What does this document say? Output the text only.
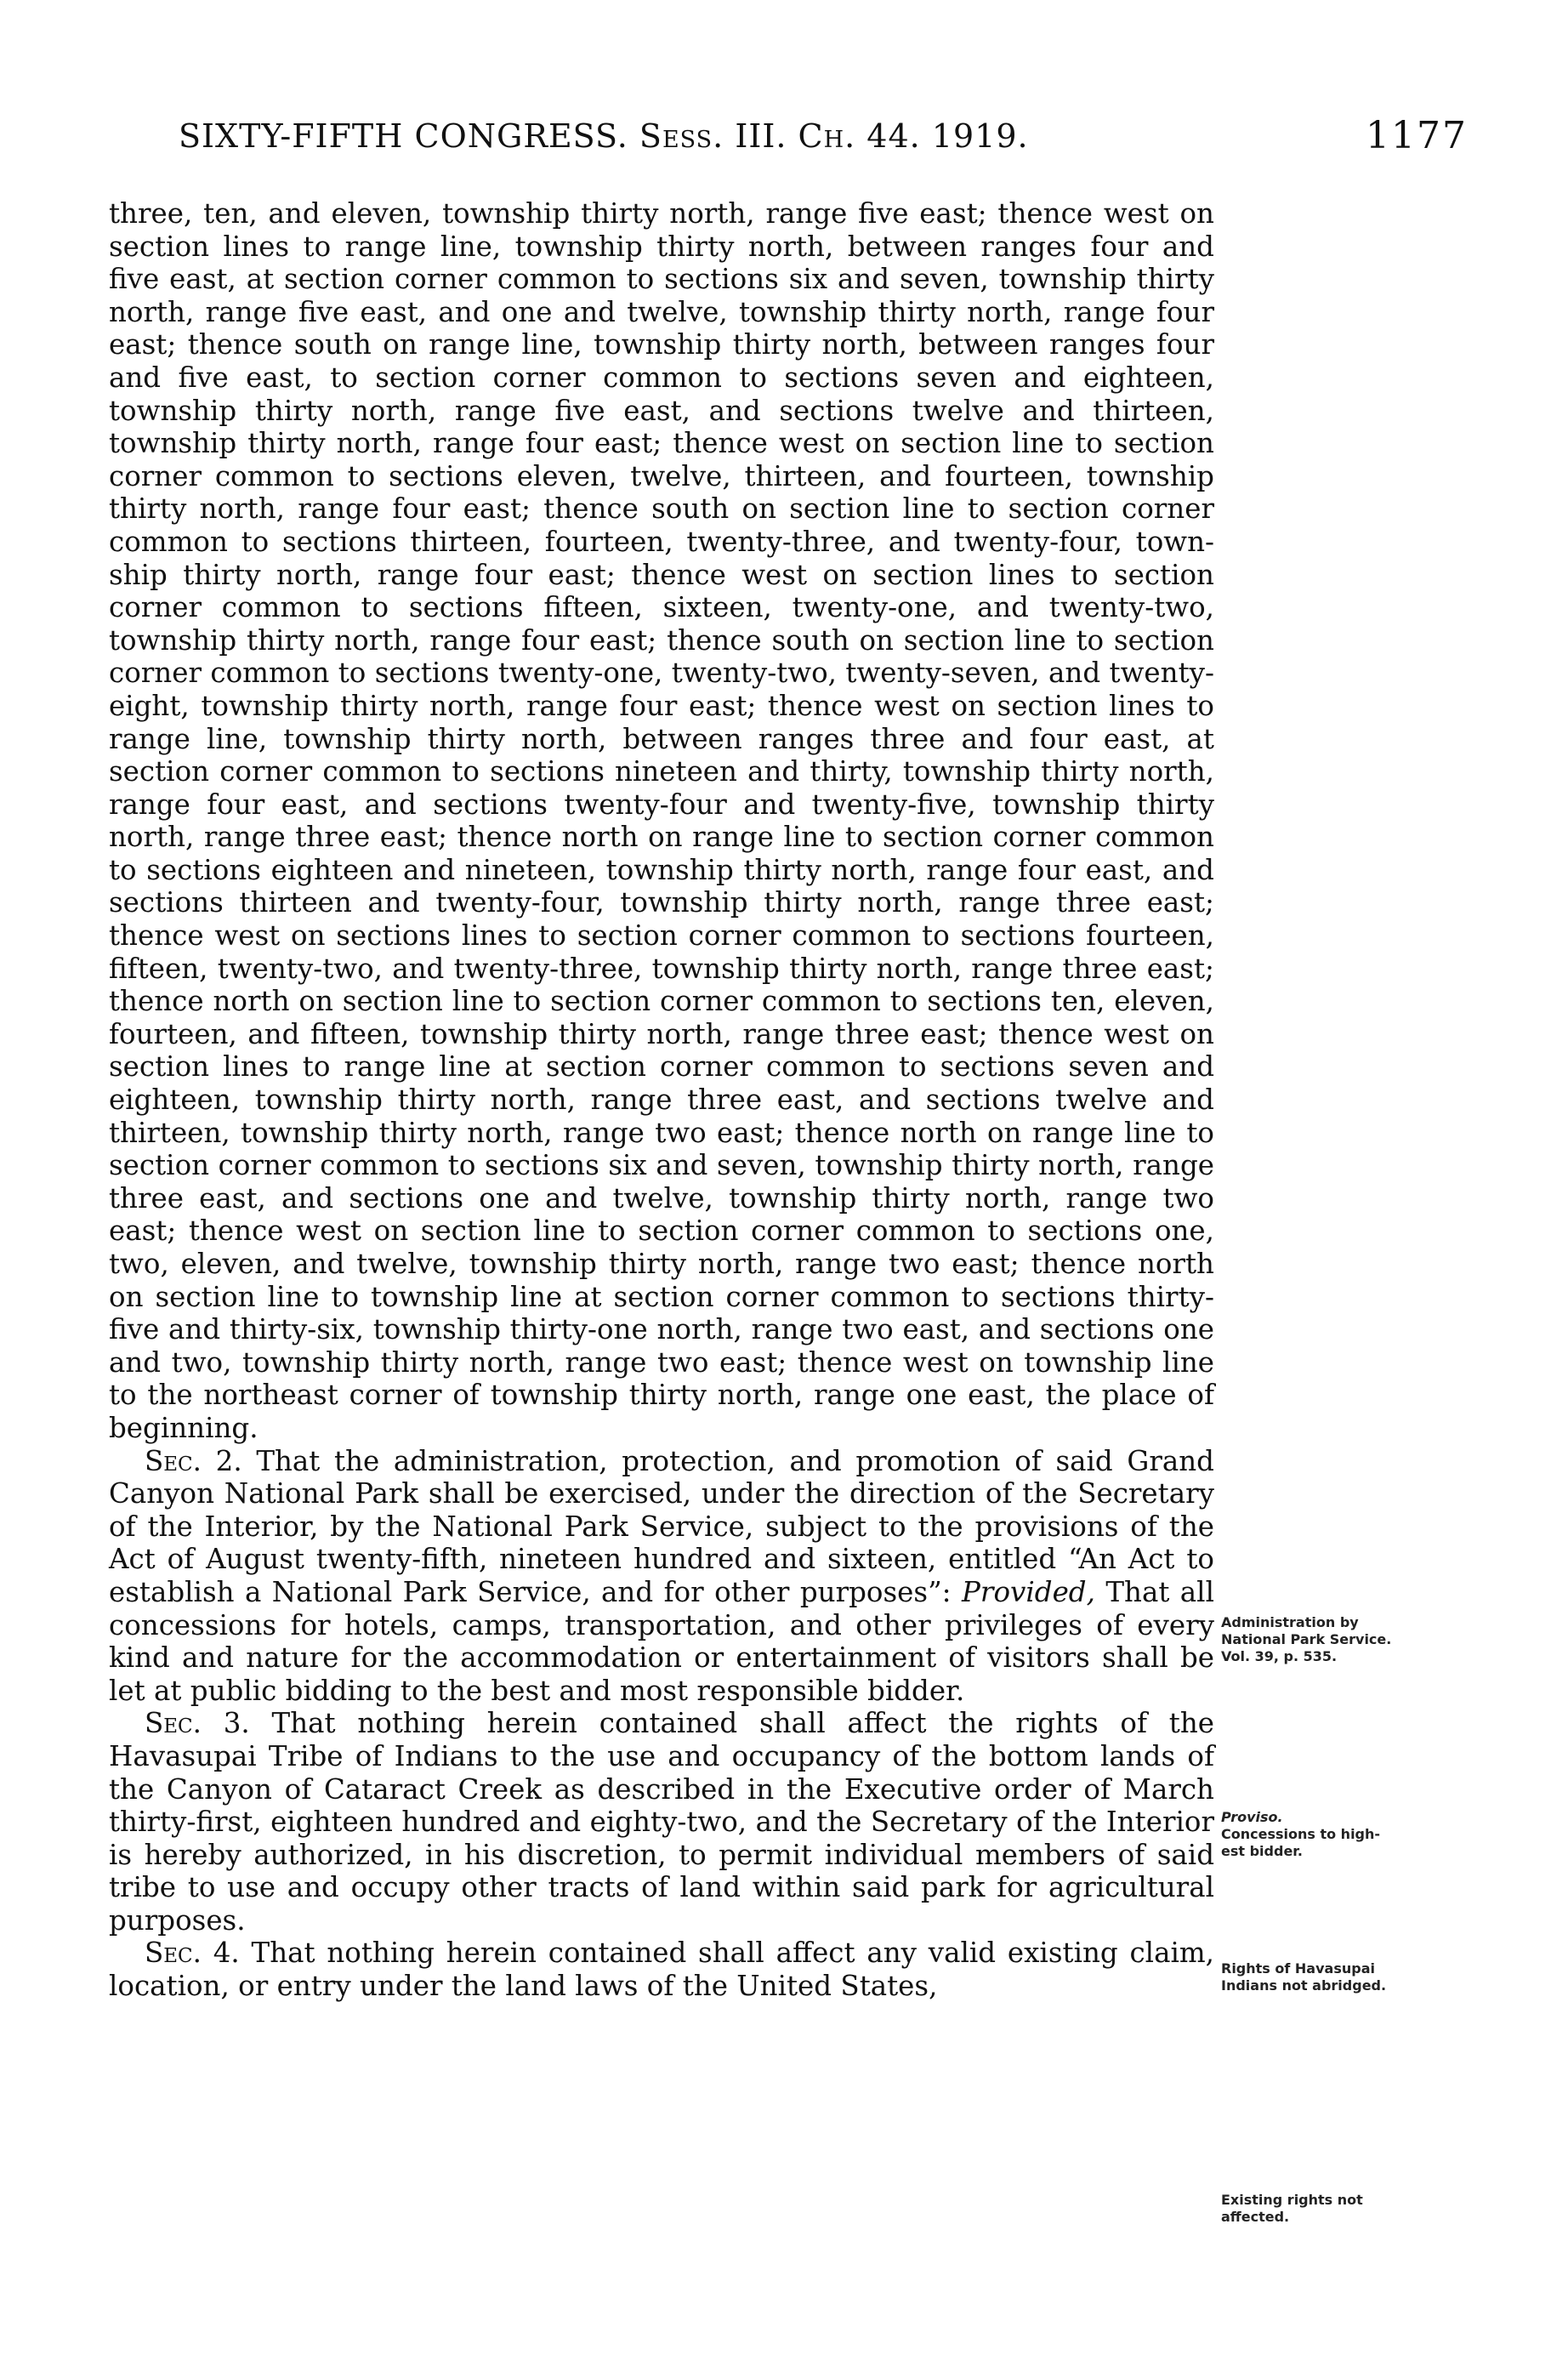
SIXTY-FIFTH CONGRESS. Sess. III. Ch. 44. 1919.	1177

three, ten, and eleven, township thirty north, range five east; thence west on section lines to range line, township thirty north, between ranges four and five east, at section corner common to sections six and seven, township thirty north, range five east, and one and twelve, township thirty north, range four east; thence south on range line, township thirty north, between ranges four and five east, to section corner common to sections seven and eighteen, township thirty north, range five east, and sections twelve and thirteen, township thirty north, range four east; thence west on section line to section corner common to sections eleven, twelve, thirteen, and fourteen, township thirty north, range four east; thence south on section line to section corner common to sections thirteen, fourteen, twenty-three, and twenty-four, township thirty north, range four east; thence west on section lines to section corner common to sections fifteen, sixteen, twenty-one, and twenty-two, township thirty north, range four east; thence south on section line to section corner common to sections twenty-one, twenty-two, twenty-seven, and twenty-eight, township thirty north, range four east; thence west on section lines to range line, township thirty north, between ranges three and four east, at section corner common to sections nineteen and thirty, township thirty north, range four east, and sections twenty-four and twenty-five, township thirty north, range three east; thence north on range line to section corner common to sections eighteen and nineteen, township thirty north, range four east, and sections thirteen and twenty-four, township thirty north, range three east; thence west on sections lines to section corner common to sections fourteen, fifteen, twenty-two, and twenty-three, township thirty north, range three east; thence north on section line to section corner common to sections ten, eleven, fourteen, and fifteen, township thirty north, range three east; thence west on section lines to range line at section corner common to sections seven and eighteen, township thirty north, range three east, and sections twelve and thirteen, township thirty north, range two east; thence north on range line to section corner common to sections six and seven, township thirty north, range three east, and sections one and twelve, township thirty north, range two east; thence west on section line to section corner common to sections one, two, eleven, and twelve, township thirty north, range two east; thence north on section line to township line at section corner common to sections thirty-five and thirty-six, township thirty-one north, range two east, and sections one and two, township thirty north, range two east; thence west on township line to the northeast corner of township thirty north, range one east, the place of beginning.

Sec. 2. That the administration, protection, and promotion of said Grand Canyon National Park shall be exercised, under the direction of the Secretary of the Interior, by the National Park Service, subject to the provisions of the Act of August twenty-fifth, nineteen hundred and sixteen, entitled “An Act to establish a National Park Service, and for other purposes”: Provided, That all concessions for hotels, camps, transportation, and other privileges of every kind and nature for the accommodation or entertainment of visitors shall be let at public bidding to the best and most responsible bidder.

Sec. 3. That nothing herein contained shall affect the rights of the Havasupai Tribe of Indians to the use and occupancy of the bottom lands of the Canyon of Cataract Creek as described in the Executive order of March thirty-first, eighteen hundred and eighty-two, and the Secretary of the Interior is hereby authorized, in his discretion, to permit individual members of said tribe to use and occupy other tracts of land within said park for agricultural purposes.

Sec. 4. That nothing herein contained shall affect any valid existing claim, location, or entry under the land laws of the United States,

Administration by
National Park Service.
Vol. 39, p. 535.
Proviso.
Concessions to high-
est bidder.
Rights of Havasupai
Indians not abridged.
Existing rights not
affected.
